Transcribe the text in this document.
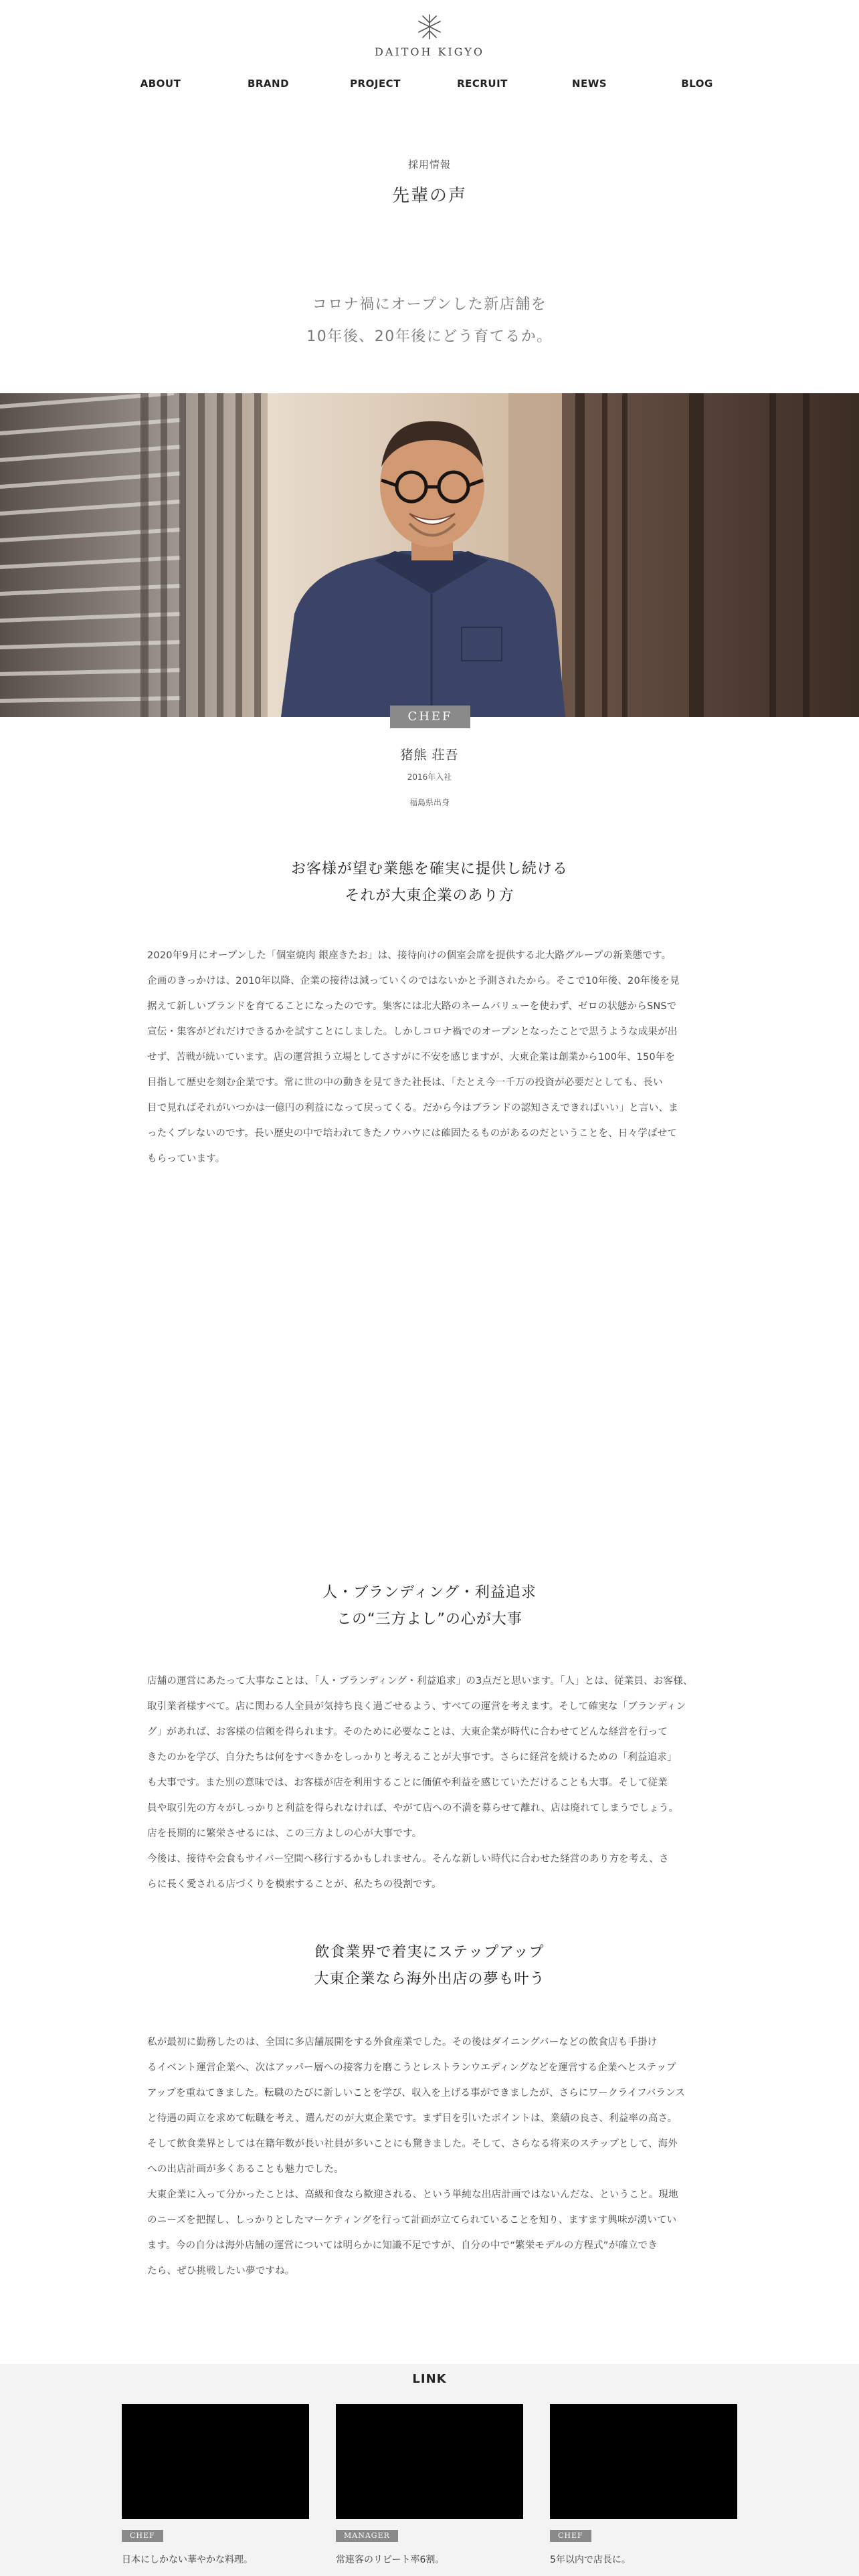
DAITOH KIGYO
ABOUT	BRAND	PROJECT	RECRUIT	NEWS	BLOG
採用情報
先輩の声
コロナ禍にオープンした新店舗を
10年後、20年後にどう育てるか。
CHEF
猪熊 荘吾
2016年入社
福島県出身
お客様が望む業態を確実に提供し続ける
それが大東企業のあり方
2020年9月にオープンした「個室焼肉 銀座きたお」は、接待向けの個室会席を提供する北大路グループの新業態です。
企画のきっかけは、2010年以降、企業の接待は減っていくのではないかと予測されたから。そこで10年後、20年後を見
据えて新しいブランドを育てることになったのです。集客には北大路のネームバリューを使わず、ゼロの状態からSNSで
宣伝・集客がどれだけできるかを試すことにしました。しかしコロナ禍でのオープンとなったことで思うような成果が出
せず、苦戦が続いています。店の運営担う立場としてさすがに不安を感じますが、大東企業は創業から100年、150年を
目指して歴史を刻む企業です。常に世の中の動きを見てきた社長は、「たとえ今一千万の投資が必要だとしても、長い
目で見ればそれがいつかは一億円の利益になって戻ってくる。だから今はブランドの認知さえできればいい」と言い、ま
ったくブレないのです。長い歴史の中で培われてきたノウハウには確固たるものがあるのだということを、日々学ばせて
もらっています。
人・ブランディング・利益追求
この“三方よし”の心が大事
店舗の運営にあたって大事なことは、「人・ブランディング・利益追求」の3点だと思います。「人」とは、従業員、お客様、
取引業者様すべて。店に関わる人全員が気持ち良く過ごせるよう、すべての運営を考えます。そして確実な「ブランディン
グ」があれば、お客様の信頼を得られます。そのために必要なことは、大東企業が時代に合わせてどんな経営を行って
きたのかを学び、自分たちは何をすべきかをしっかりと考えることが大事です。さらに経営を続けるための「利益追求」
も大事です。また別の意味では、お客様が店を利用することに価値や利益を感じていただけることも大事。そして従業
員や取引先の方々がしっかりと利益を得られなければ、やがて店への不満を募らせて離れ、店は廃れてしまうでしょう。
店を長期的に繁栄させるには、この三方よしの心が大事です。
今後は、接待や会食もサイバー空間へ移行するかもしれません。そんな新しい時代に合わせた経営のあり方を考え、さ
らに長く愛される店づくりを模索することが、私たちの役割です。
飲食業界で着実にステップアップ
大東企業なら海外出店の夢も叶う
私が最初に勤務したのは、全国に多店舗展開をする外食産業でした。その後はダイニングバーなどの飲食店も手掛け
るイベント運営企業へ、次はアッパー層への接客力を磨こうとレストランウエディングなどを運営する企業へとステップ
アップを重ねてきました。転職のたびに新しいことを学び、収入を上げる事ができましたが、さらにワークライフバランス
と待遇の両立を求めて転職を考え、選んだのが大東企業です。まず目を引いたポイントは、業績の良さ、利益率の高さ。
そして飲食業界としては在籍年数が長い社員が多いことにも驚きました。そして、さらなる将来のステップとして、海外
への出店計画が多くあることも魅力でした。
大東企業に入って分かったことは、高級和食なら歓迎される、という単純な出店計画ではないんだな、ということ。現地
のニーズを把握し、しっかりとしたマーケティングを行って計画が立てられていることを知り、ますます興味が湧いてい
ます。今の自分は海外店舗の運営については明らかに知識不足ですが、自分の中で“繁栄モデルの方程式”が確立でき
たら、ぜひ挑戦したい夢ですね。
LINK
CHEF
日本にしかない華やかな料理。
MANAGER
常連客のリピート率6割。
CHEF
5年以内で店長に。
